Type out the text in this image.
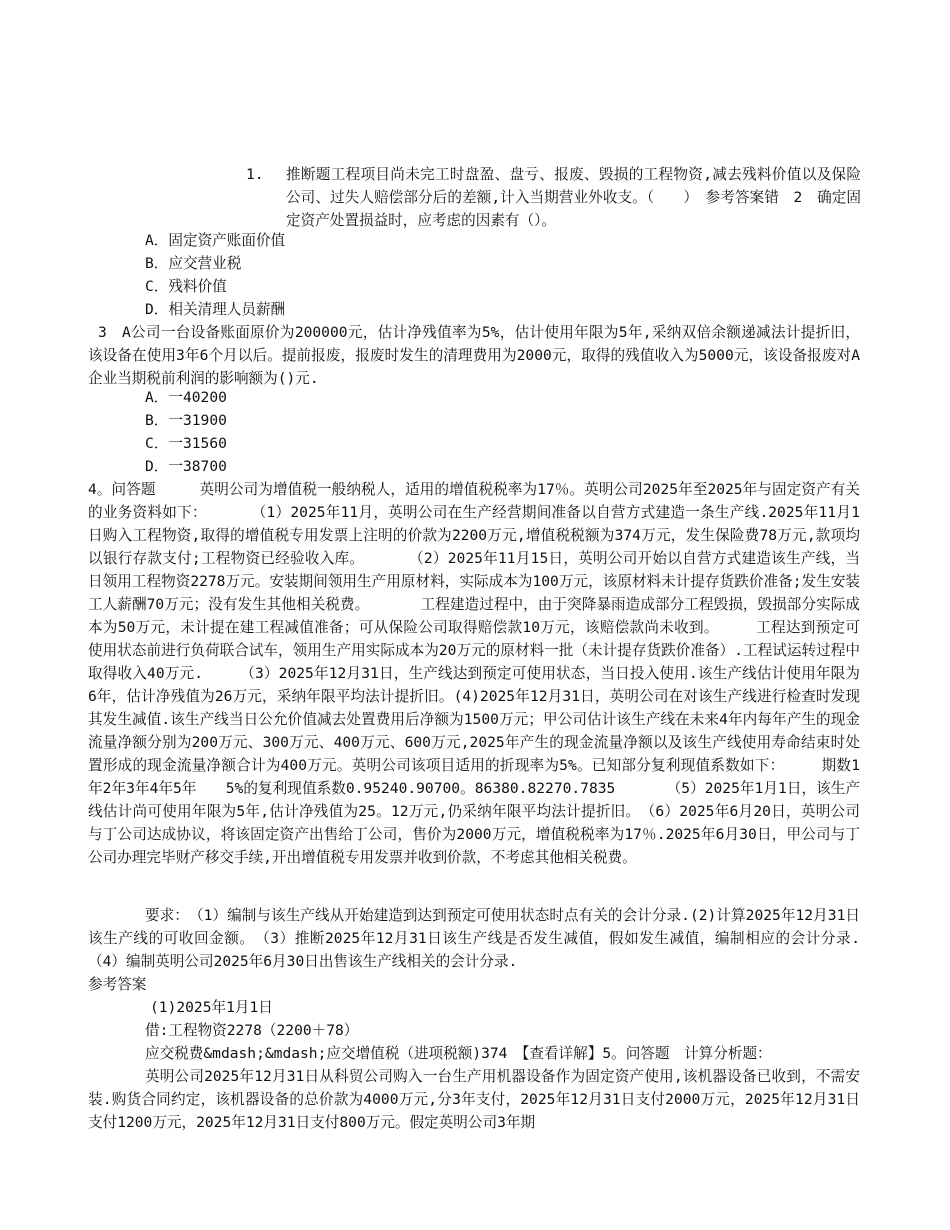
1. 推断题工程项目尚未完工时盘盈、盘亏、报废、毁损的工程物资,减去残料价值以及保险公司、过失人赔偿部分后的差额,计入当期营业外收支。（　　）　参考答案错　2　确定固定资产处置损益时，应考虑的因素有（）。
A．固定资产账面价值
B．应交营业税
C．残料价值
D．相关清理人员薪酬

3　A公司一台设备账面原价为200000元，估计净残值率为5%，估计使用年限为5年,采纳双倍余额递减法计提折旧，该设备在使用3年6个月以后。提前报废，报废时发生的清理费用为2000元，取得的残值收入为5000元，该设备报废对A企业当期税前利润的影响额为()元.

A．一40200
B．一31900
C．一31560
D．一38700

4。问答题　　　英明公司为增值税一般纳税人，适用的增值税税率为17％。英明公司2025年至2025年与固定资产有关的业务资料如下：　　　　（1）2025年11月，英明公司在生产经营期间准备以自营方式建造一条生产线.2025年11月1日购入工程物资,取得的增值税专用发票上注明的价款为2200万元,增值税税额为374万元，发生保险费78万元,款项均以银行存款支付;工程物资已经验收入库。　　　　（2）2025年11月15日，英明公司开始以自营方式建造该生产线，当日领用工程物资2278万元。安装期间领用生产用原材料，实际成本为100万元，该原材料未计提存货跌价准备;发生安装工人薪酬70万元；没有发生其他相关税费。　　　　工程建造过程中，由于突降暴雨造成部分工程毁损，毁损部分实际成本为50万元，未计提在建工程减值准备；可从保险公司取得赔偿款10万元，该赔偿款尚未收到。　　　工程达到预定可使用状态前进行负荷联合试车，领用生产用实际成本为20万元的原材料一批（未计提存货跌价准备）.工程试运转过程中取得收入40万元.　　　（3）2025年12月31日，生产线达到预定可使用状态，当日投入使用.该生产线估计使用年限为6年，估计净残值为26万元，采纳年限平均法计提折旧。(4)2025年12月31日，英明公司在对该生产线进行检查时发现其发生减值.该生产线当日公允价值减去处置费用后净额为1500万元；甲公司估计该生产线在未来4年内每年产生的现金流量净额分别为200万元、300万元、400万元、600万元,2025年产生的现金流量净额以及该生产线使用寿命结束时处置形成的现金流量净额合计为400万元。英明公司该项目适用的折现率为5%。已知部分复利现值系数如下：　　　期数1年2年3年4年5年　　5%的复利现值系数0.95240.90700。86380.82270.7835　　　　（5）2025年1月1日，该生产线估计尚可使用年限为5年,估计净残值为25。12万元,仍采纳年限平均法计提折旧。　（6）2025年6月20日，英明公司与丁公司达成协议，将该固定资产出售给丁公司，售价为2000万元，增值税税率为17％.2025年6月30日，甲公司与丁公司办理完毕财产移交手续,开出增值税专用发票并收到价款，不考虑其他相关税费。

要求：　（1）编制与该生产线从开始建造到达到预定可使用状态时点有关的会计分录.(2)计算2025年12月31日该生产线的可收回金额。　（3）推断2025年12月31日该生产线是否发生减值，假如发生减值，编制相应的会计分录.　　　（4）编制英明公司2025年6月30日出售该生产线相关的会计分录.

参考答案

(1)2025年1月1日

借:工程物资2278（2200＋78）

应交税费&mdash;&mdash;应交增值税（进项税额)374　【查看详解】5。问答题　计算分析题：

英明公司2025年12月31日从科贸公司购入一台生产用机器设备作为固定资产使用,该机器设备已收到，不需安装.购货合同约定，该机器设备的总价款为4000万元,分3年支付，2025年12月31日支付2000万元，2025年12月31日支付1200万元，2025年12月31日支付800万元。假定英明公司3年期
